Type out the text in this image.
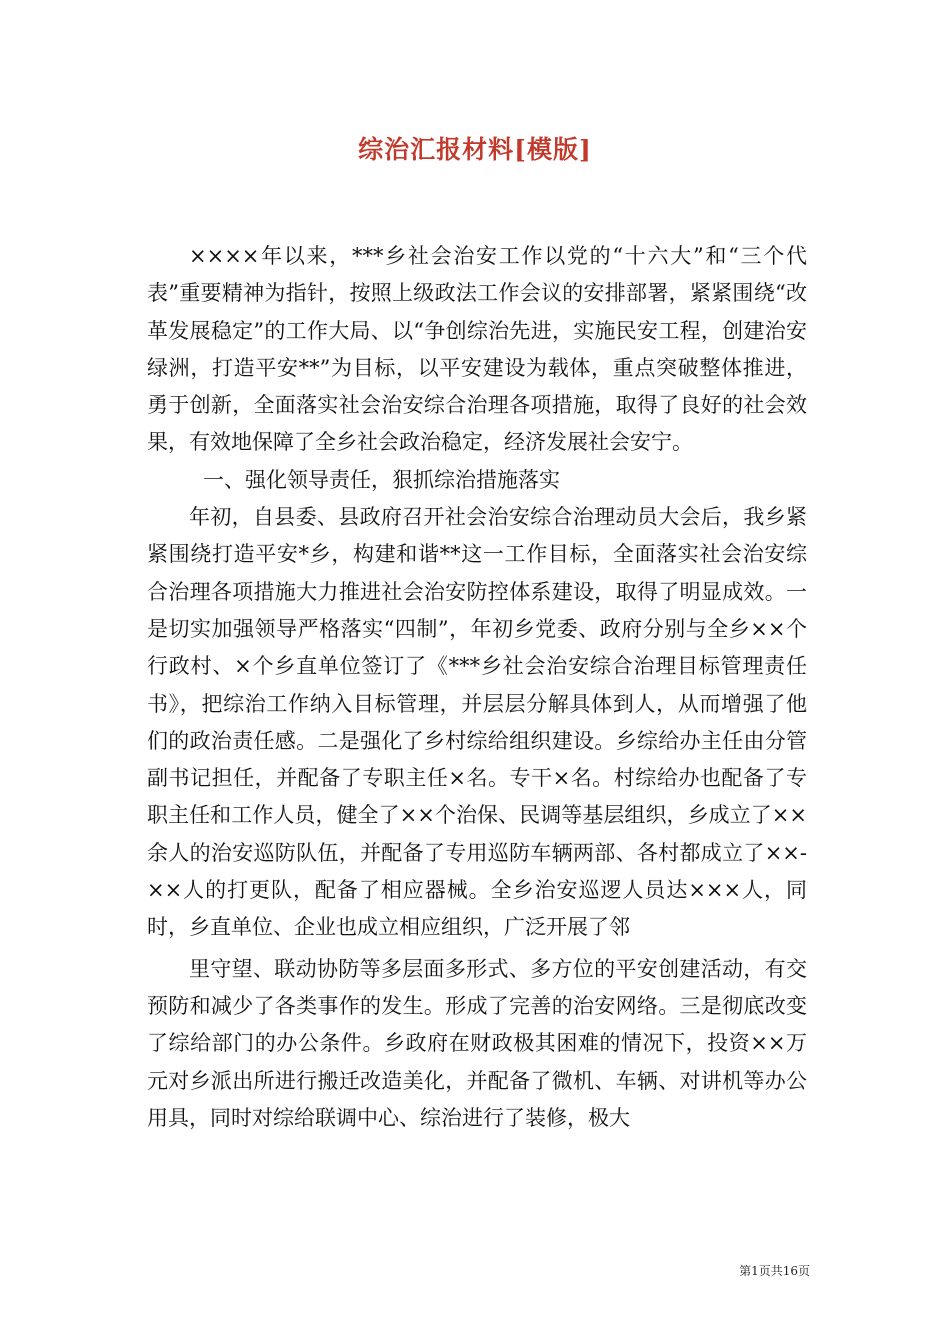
综治汇报材料[模版]

××××年以来，***乡社会治安工作以党的“十六大”和“三个代表”重要精神为指针，按照上级政法工作会议的安排部署，紧紧围绕“改革发展稳定”的工作大局、以“争创综治先进，实施民安工程，创建治安绿洲，打造平安**”为目标，以平安建设为载体，重点突破整体推进，勇于创新，全面落实社会治安综合治理各项措施，取得了良好的社会效果，有效地保障了全乡社会政治稳定，经济发展社会安宁。

一、强化领导责任，狠抓综治措施落实

年初，自县委、县政府召开社会治安综合治理动员大会后，我乡紧紧围绕打造平安*乡，构建和谐**这一工作目标，全面落实社会治安综合治理各项措施大力推进社会治安防控体系建设，取得了明显成效。一是切实加强领导严格落实“四制”，年初乡党委、政府分别与全乡××个行政村、×个乡直单位签订了《***乡社会治安综合治理目标管理责任书》，把综治工作纳入目标管理，并层层分解具体到人，从而增强了他们的政治责任感。二是强化了乡村综给组织建设。乡综给办主任由分管副书记担任，并配备了专职主任×名。专干×名。村综给办也配备了专职主任和工作人员，健全了××个治保、民调等基层组织，乡成立了××余人的治安巡防队伍，并配备了专用巡防车辆两部、各村都成立了××-××人的打更队，配备了相应器械。全乡治安巡逻人员达×××人，同时，乡直单位、企业也成立相应组织，广泛开展了邻

里守望、联动协防等多层面多形式、多方位的平安创建活动，有交预防和减少了各类事作的发生。形成了完善的治安网络。三是彻底改变了综给部门的办公条件。乡政府在财政极其困难的情况下，投资××万元对乡派出所进行搬迁改造美化，并配备了微机、车辆、对讲机等办公用具，同时对综给联调中心、综治进行了装修，极大

第1页共16页
